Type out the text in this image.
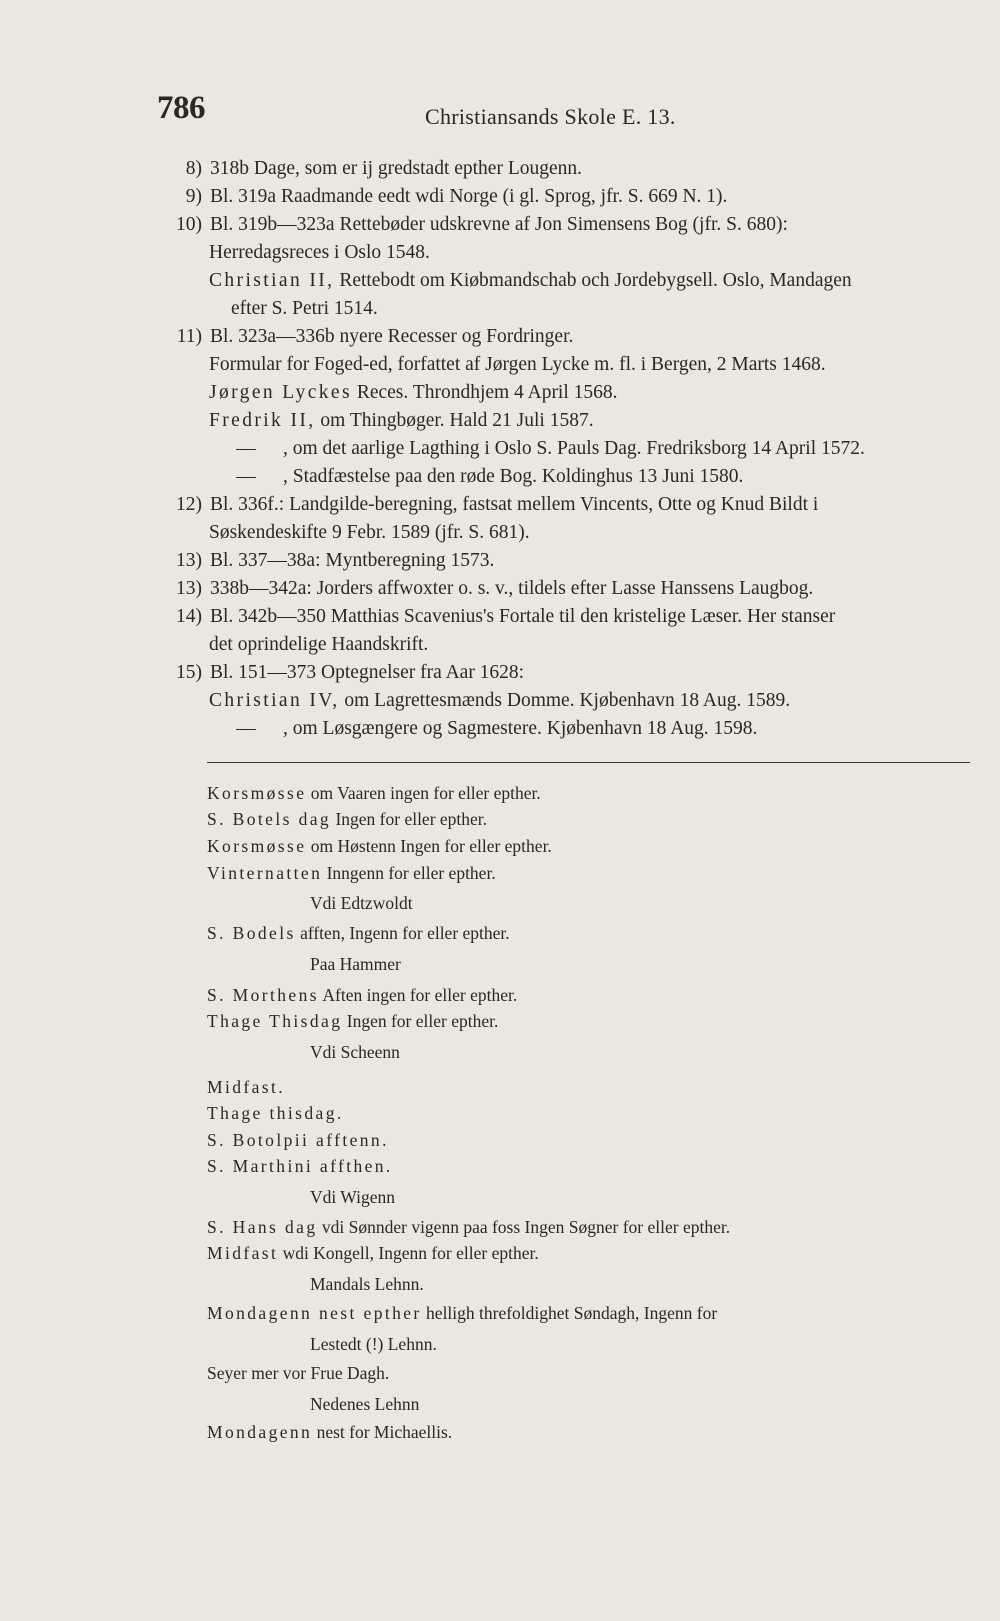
786	Christiansands Skole E. 13.
8) 318b Dage, som er ij gredstadt epther Lougenn.
9) Bl. 319a Raadmande eedt wdi Norge (i gl. Sprog, jfr. S. 669 N. 1).
10) Bl. 319b—323a Rettebøder udskrevne af Jon Simensens Bog (jfr. S. 680):
Herredagsreces i Oslo 1548.
Christian II, Rettebodt om Kiøbmandschab och Jordebygsell. Oslo, Mandagen
efter S. Petri 1514.
11) Bl. 323a—336b nyere Recesser og Fordringer.
Formular for Foged-ed, forfattet af Jørgen Lycke m. fl. i Bergen, 2 Marts 1468.
Jørgen Lyckes Reces. Throndhjem 4 April 1568.
Fredrik II, om Thingbøger. Hald 21 Juli 1587.
— , om det aarlige Lagthing i Oslo S. Pauls Dag. Fredriksborg 14 April 1572.
— , Stadfæstelse paa den røde Bog. Koldinghus 13 Juni 1580.
12) Bl. 336f.: Landgilde-beregning, fastsat mellem Vincents, Otte og Knud Bildt i
Søskendeskifte 9 Febr. 1589 (jfr. S. 681).
13) Bl. 337—38a: Myntberegning 1573.
13) 338b—342a: Jorders affwoxter o. s. v., tildels efter Lasse Hanssens Laugbog.
14) Bl. 342b—350 Matthias Scavenius's Fortale til den kristelige Læser. Her stanser
det oprindelige Haandskrift.
15) Bl. 151—373 Optegnelser fra Aar 1628:
Christian IV, om Lagrettesmænds Domme. Kjøbenhavn 18 Aug. 1589.
— , om Løsgængere og Sagmestere. Kjøbenhavn 18 Aug. 1598.
Korsmøsse om Vaaren ingen for eller epther.
S. Botels dag Ingen for eller epther.
Korsmøsse om Høstenn Ingen for eller epther.
Vinternatten Inngenn for eller epther.
Vdi Edtzwoldt
S. Bodels afften, Ingenn for eller epther.
Paa Hammer
S. Morthens Aften ingen for eller epther.
Thage Thisdag Ingen for eller epther.
Vdi Scheenn
Midfast.
Thage thisdag.
S. Botolpii afftenn.
S. Marthini affthen.
Vdi Wigenn
S. Hans dag vdi Sønnder vigenn paa foss Ingen Søgner for eller epther.
Midfast wdi Kongell, Ingenn for eller epther.
Mandals Lehnn.
Mondagenn nest epther helligh threfoldighet Søndagh, Ingenn for
Lestedt (!) Lehnn.
Seyer mer vor Frue Dagh.
Nedenes Lehnn
Mondagenn nest for Michaellis.
